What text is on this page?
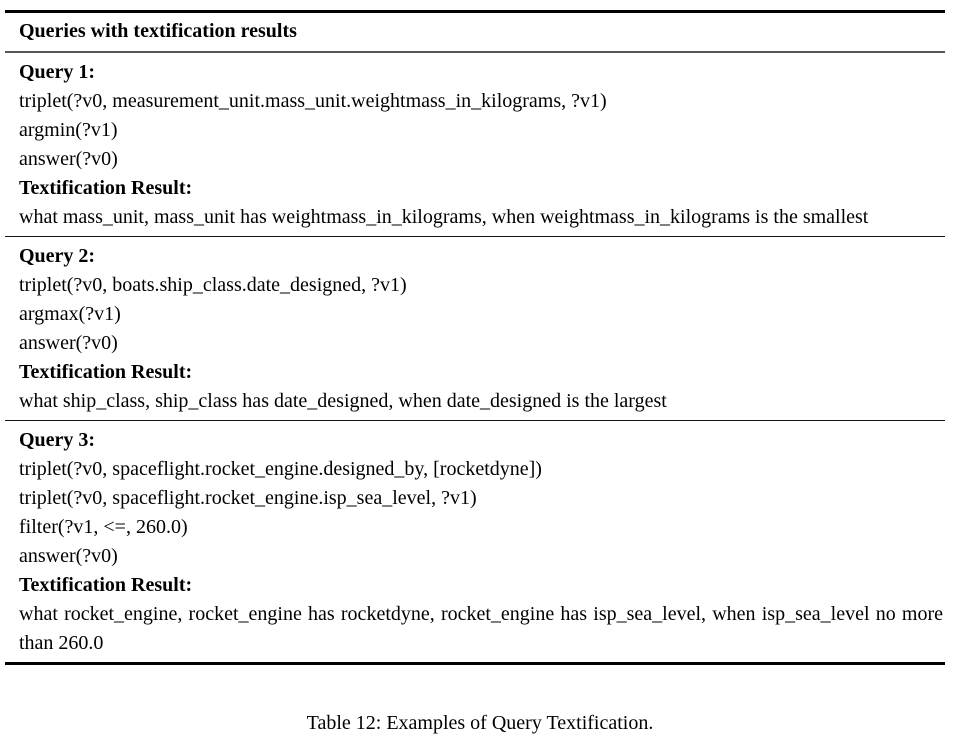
Queries with textification results
Query 1:
triplet(?v0, measurement_unit.mass_unit.weightmass_in_kilograms, ?v1)
argmin(?v1)
answer(?v0)
Textification Result:
what mass_unit, mass_unit has weightmass_in_kilograms, when weightmass_in_kilograms is the smallest
Query 2:
triplet(?v0, boats.ship_class.date_designed, ?v1)
argmax(?v1)
answer(?v0)
Textification Result:
what ship_class, ship_class has date_designed, when date_designed is the largest
Query 3:
triplet(?v0, spaceflight.rocket_engine.designed_by, [rocketdyne])
triplet(?v0, spaceflight.rocket_engine.isp_sea_level, ?v1)
filter(?v1, <=, 260.0)
answer(?v0)
Textification Result:
what rocket_engine, rocket_engine has rocketdyne, rocket_engine has isp_sea_level, when isp_sea_level no more than 260.0
Table 12: Examples of Query Textification.
